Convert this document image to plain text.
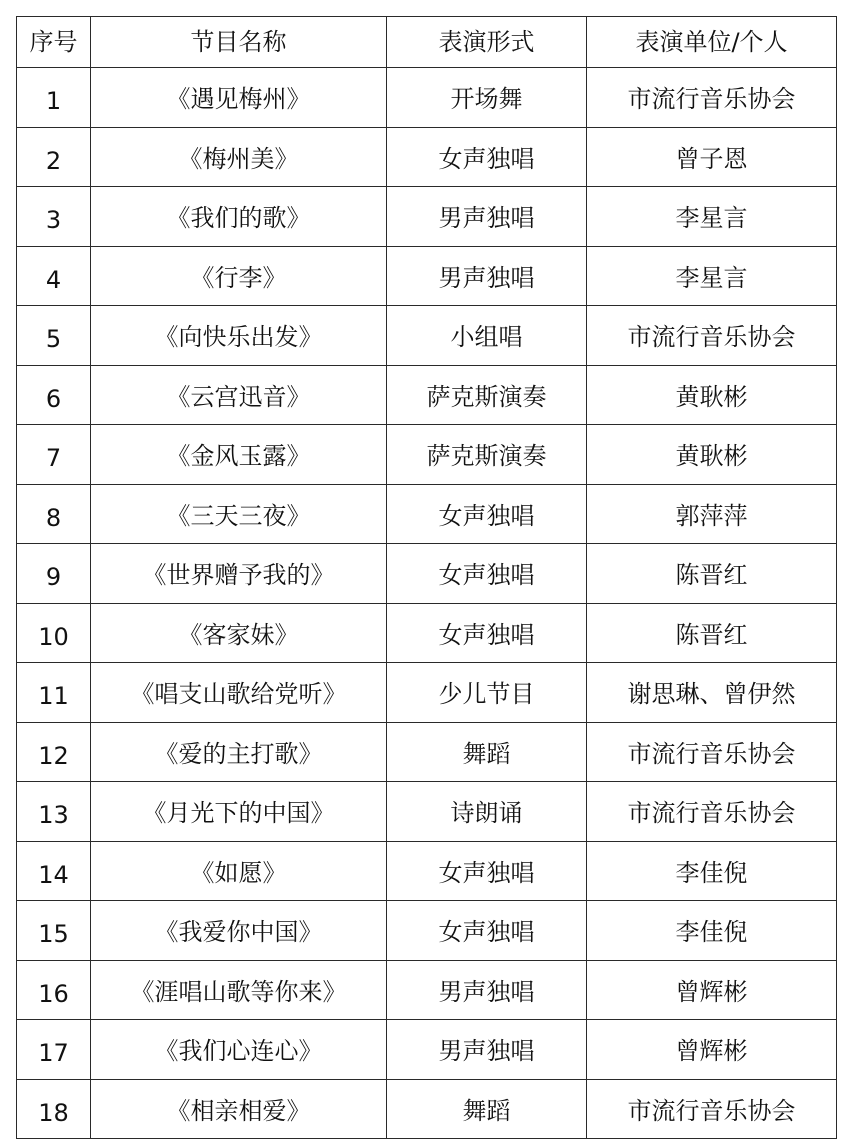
序号	节目名称	表演形式	表演单位/个人
1	《遇见梅州》	开场舞	市流行音乐协会
2	《梅州美》	女声独唱	曾子恩
3	《我们的歌》	男声独唱	李星言
4	《行李》	男声独唱	李星言
5	《向快乐出发》	小组唱	市流行音乐协会
6	《云宫迅音》	萨克斯演奏	黄耿彬
7	《金风玉露》	萨克斯演奏	黄耿彬
8	《三天三夜》	女声独唱	郭萍萍
9	《世界赠予我的》	女声独唱	陈晋红
10	《客家妹》	女声独唱	陈晋红
11	《唱支山歌给党听》	少儿节目	谢思琳、曾伊然
12	《爱的主打歌》	舞蹈	市流行音乐协会
13	《月光下的中国》	诗朗诵	市流行音乐协会
14	《如愿》	女声独唱	李佳倪
15	《我爱你中国》	女声独唱	李佳倪
16	《涯唱山歌等你来》	男声独唱	曾辉彬
17	《我们心连心》	男声独唱	曾辉彬
18	《相亲相爱》	舞蹈	市流行音乐协会
